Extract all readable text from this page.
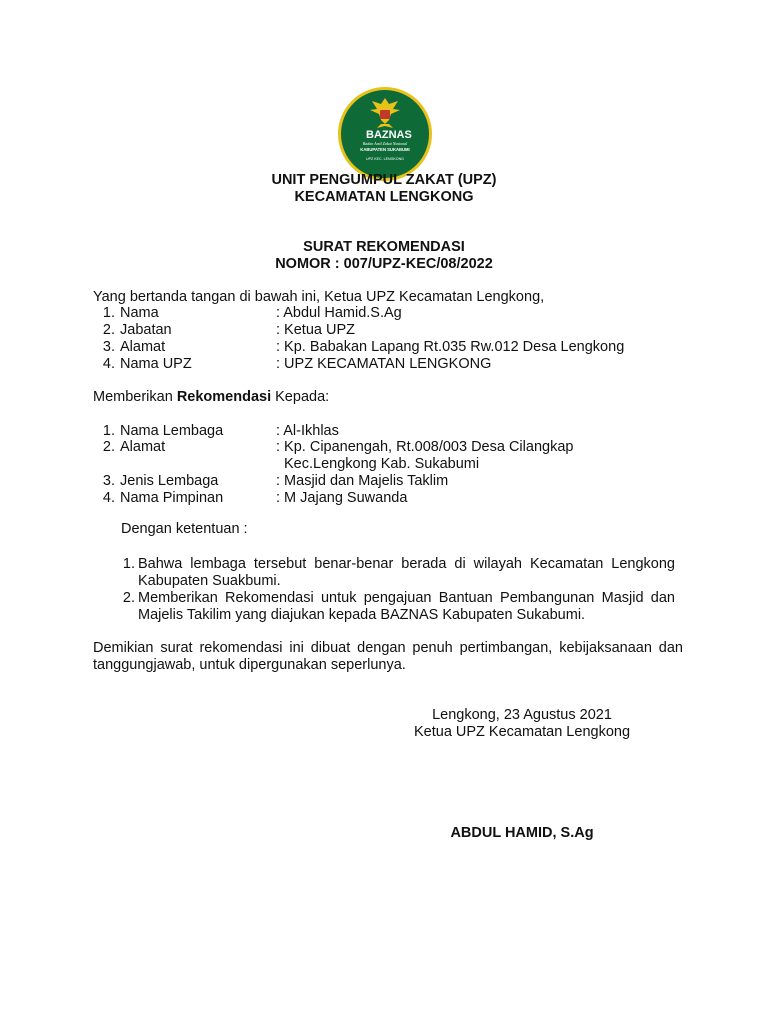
BAZNAS
Badan Amil Zakat Nasional
KABUPATEN SUKABUMI
UPZ KEC. LENGKONG
UNIT PENGUMPUL ZAKAT (UPZ)
KECAMATAN LENGKONG
SURAT REKOMENDASI
NOMOR : 007/UPZ-KEC/08/2022
Yang bertanda tangan di bawah ini, Ketua UPZ Kecamatan Lengkong,
1. Nama	: Abdul Hamid.S.Ag
2. Jabatan	: Ketua UPZ
3. Alamat	: Kp. Babakan Lapang Rt.035 Rw.012 Desa Lengkong
4. Nama UPZ	: UPZ KECAMATAN LENGKONG
Memberikan Rekomendasi Kepada:
1. Nama Lembaga	: Al-Ikhlas
2. Alamat	: Kp. Cipanengah, Rt.008/003 Desa Cilangkap
Kec.Lengkong Kab. Sukabumi
3. Jenis Lembaga	: Masjid dan Majelis Taklim
4. Nama Pimpinan	: M Jajang Suwanda
Dengan ketentuan :
1. Bahwa lembaga tersebut benar-benar berada di wilayah Kecamatan Lengkong Kabupaten Suakbumi.
2. Memberikan Rekomendasi untuk pengajuan Bantuan Pembangunan Masjid dan Majelis Takilim yang diajukan kepada BAZNAS Kabupaten Sukabumi.
Demikian surat rekomendasi ini dibuat dengan penuh pertimbangan, kebijaksanaan dan tanggungjawab, untuk dipergunakan seperlunya.
Lengkong, 23 Agustus 2021
Ketua UPZ Kecamatan Lengkong
ABDUL HAMID, S.Ag
